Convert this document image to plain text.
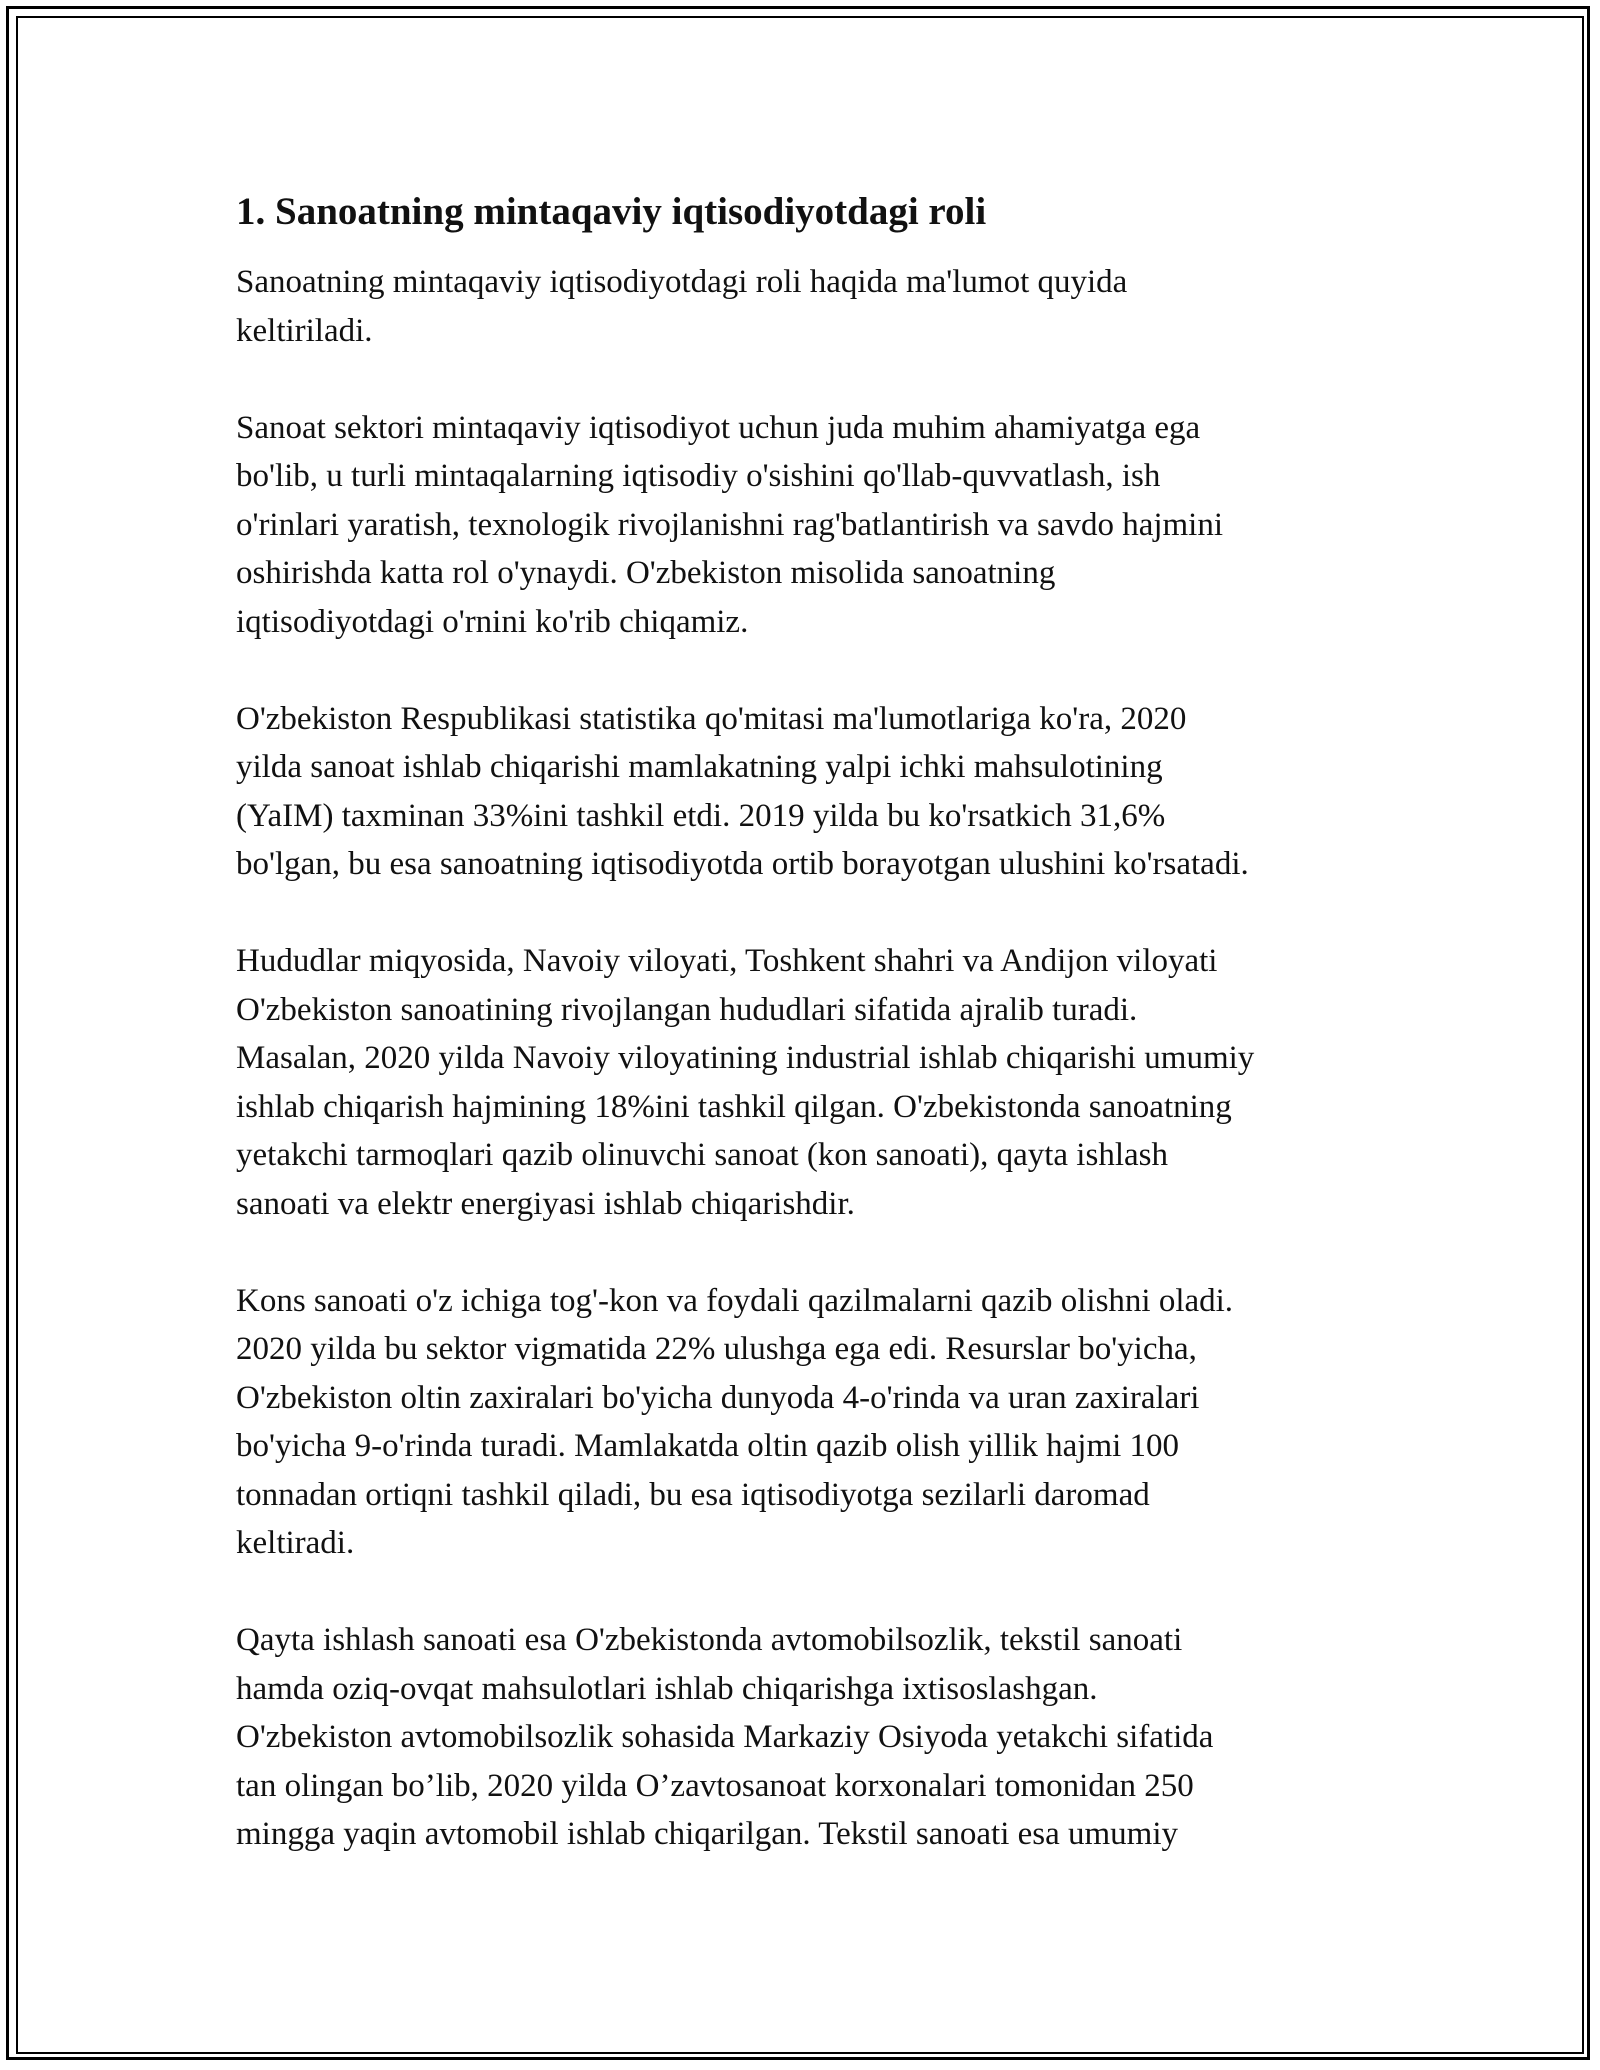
1. Sanoatning mintaqaviy iqtisodiyotdagi roli

Sanoatning mintaqaviy iqtisodiyotdagi roli haqida ma'lumot quyida
keltiriladi.

Sanoat sektori mintaqaviy iqtisodiyot uchun juda muhim ahamiyatga ega
bo'lib, u turli mintaqalarning iqtisodiy o'sishini qo'llab-quvvatlash, ish
o'rinlari yaratish, texnologik rivojlanishni rag'batlantirish va savdo hajmini
oshirishda katta rol o'ynaydi. O'zbekiston misolida sanoatning
iqtisodiyotdagi o'rnini ko'rib chiqamiz.

O'zbekiston Respublikasi statistika qo'mitasi ma'lumotlariga ko'ra, 2020
yilda sanoat ishlab chiqarishi mamlakatning yalpi ichki mahsulotining
(YaIM) taxminan 33%ini tashkil etdi. 2019 yilda bu ko'rsatkich 31,6%
bo'lgan, bu esa sanoatning iqtisodiyotda ortib borayotgan ulushini ko'rsatadi.

Hududlar miqyosida, Navoiy viloyati, Toshkent shahri va Andijon viloyati
O'zbekiston sanoatining rivojlangan hududlari sifatida ajralib turadi.
Masalan, 2020 yilda Navoiy viloyatining industrial ishlab chiqarishi umumiy
ishlab chiqarish hajmining 18%ini tashkil qilgan. O'zbekistonda sanoatning
yetakchi tarmoqlari qazib olinuvchi sanoat (kon sanoati), qayta ishlash
sanoati va elektr energiyasi ishlab chiqarishdir.

Kons sanoati o'z ichiga tog'-kon va foydali qazilmalarni qazib olishni oladi.
2020 yilda bu sektor vigmatida 22% ulushga ega edi. Resurslar bo'yicha,
O'zbekiston oltin zaxiralari bo'yicha dunyoda 4-o'rinda va uran zaxiralari
bo'yicha 9-o'rinda turadi. Mamlakatda oltin qazib olish yillik hajmi 100
tonnadan ortiqni tashkil qiladi, bu esa iqtisodiyotga sezilarli daromad
keltiradi.

Qayta ishlash sanoati esa O'zbekistonda avtomobilsozlik, tekstil sanoati
hamda oziq-ovqat mahsulotlari ishlab chiqarishga ixtisoslashgan.
O'zbekiston avtomobilsozlik sohasida Markaziy Osiyoda yetakchi sifatida
tan olingan bo’lib, 2020 yilda O’zavtosanoat korxonalari tomonidan 250
mingga yaqin avtomobil ishlab chiqarilgan. Tekstil sanoati esa umumiy
